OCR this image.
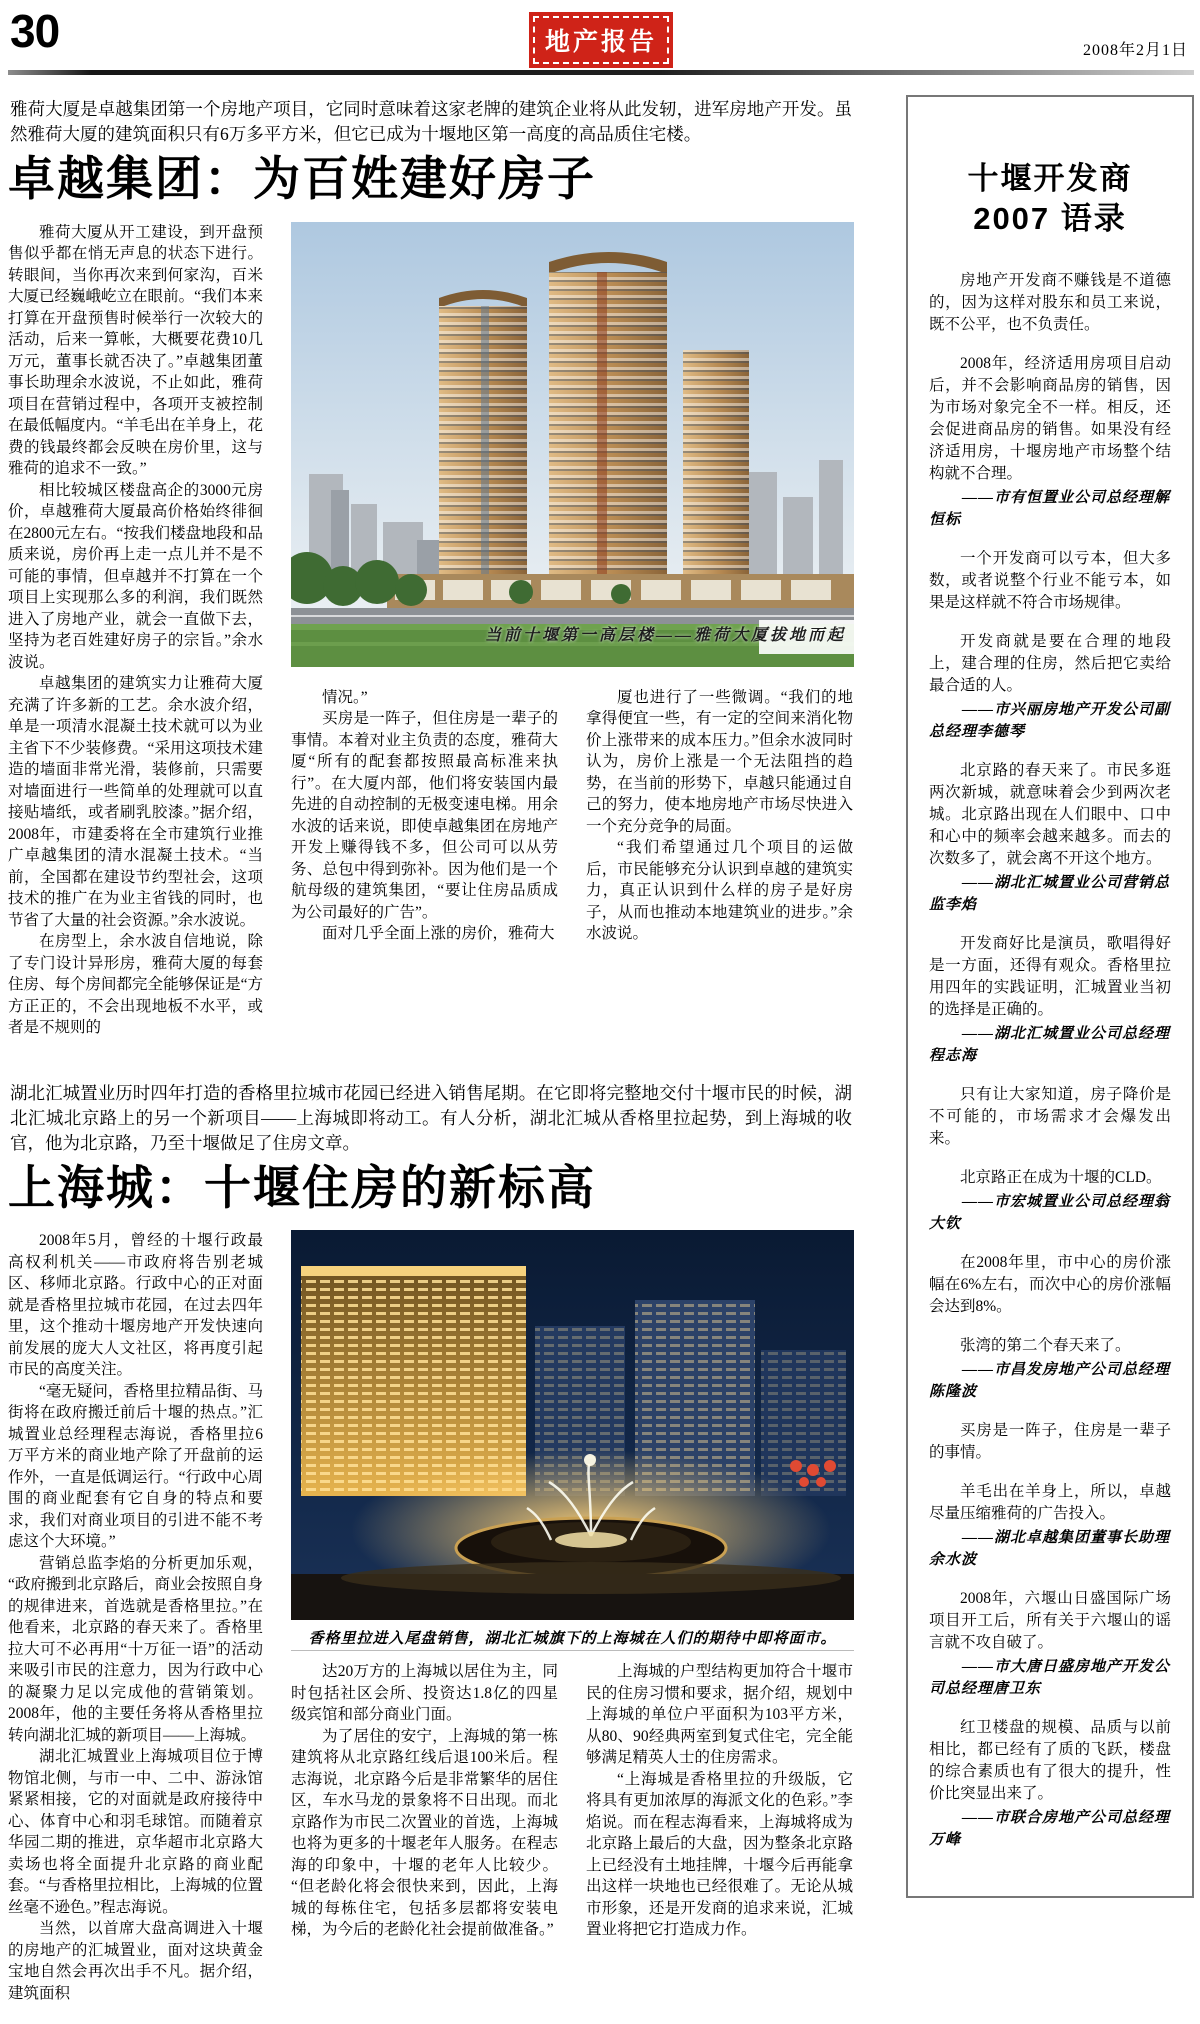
30	地产报告	2008年2月1日

雅荷大厦是卓越集团第一个房地产项目，它同时意味着这家老牌的建筑企业将从此发轫，进军房地产开发。虽然雅荷大厦的建筑面积只有6万多平方米，但它已成为十堰地区第一高度的高品质住宅楼。

卓越集团：为百姓建好房子

雅荷大厦从开工建设，到开盘预售似乎都在悄无声息的状态下进行。转眼间，当你再次来到何家沟，百米大厦已经巍峨屹立在眼前。“我们本来打算在开盘预售时候举行一次较大的活动，后来一算帐，大概要花费10几万元，董事长就否决了。”卓越集团董事长助理余水波说，不止如此，雅荷项目在营销过程中，各项开支被控制在最低幅度内。“羊毛出在羊身上，花费的钱最终都会反映在房价里，这与雅荷的追求不一致。”

相比较城区楼盘高企的3000元房价，卓越雅荷大厦最高价格始终徘徊在2800元左右。“按我们楼盘地段和品质来说，房价再上走一点儿并不是不可能的事情，但卓越并不打算在一个项目上实现那么多的利润，我们既然进入了房地产业，就会一直做下去，坚持为老百姓建好房子的宗旨。”余水波说。

卓越集团的建筑实力让雅荷大厦充满了许多新的工艺。余水波介绍，单是一项清水混凝土技术就可以为业主省下不少装修费。“采用这项技术建造的墙面非常光滑，装修前，只需要对墙面进行一些简单的处理就可以直接贴墙纸，或者刷乳胶漆。”据介绍，2008年，市建委将在全市建筑行业推广卓越集团的清水混凝土技术。“当前，全国都在建设节约型社会，这项技术的推广在为业主省钱的同时，也节省了大量的社会资源。”余水波说。

在房型上，余水波自信地说，除了专门设计异形房，雅荷大厦的每套住房、每个房间都完全能够保证是“方方正正的，不会出现地板不水平，或者是不规则的

当前十堰第一高层楼——雅荷大厦拔地而起

情况。”

买房是一阵子，但住房是一辈子的事情。本着对业主负责的态度，雅荷大厦“所有的配套都按照最高标准来执行”。在大厦内部，他们将安装国内最先进的自动控制的无极变速电梯。用余水波的话来说，即使卓越集团在房地产开发上赚得钱不多，但公司可以从劳务、总包中得到弥补。因为他们是一个航母级的建筑集团，“要让住房品质成为公司最好的广告”。

面对几乎全面上涨的房价，雅荷大

厦也进行了一些微调。“我们的地拿得便宜一些，有一定的空间来消化物价上涨带来的成本压力。”但余水波同时认为，房价上涨是一个无法阻挡的趋势，在当前的形势下，卓越只能通过自己的努力，使本地房地产市场尽快进入一个充分竞争的局面。

“我们希望通过几个项目的运做后，市民能够充分认识到卓越的建筑实力，真正认识到什么样的房子是好房子，从而也推动本地建筑业的进步。”余水波说。

湖北汇城置业历时四年打造的香格里拉城市花园已经进入销售尾期。在它即将完整地交付十堰市民的时候，湖北汇城北京路上的另一个新项目——上海城即将动工。有人分析，湖北汇城从香格里拉起势，到上海城的收官，他为北京路，乃至十堰做足了住房文章。

上海城：十堰住房的新标高

2008年5月，曾经的十堰行政最高权利机关——市政府将告别老城区、移师北京路。行政中心的正对面就是香格里拉城市花园，在过去四年里，这个推动十堰房地产开发快速向前发展的庞大人文社区，将再度引起市民的高度关注。

“毫无疑问，香格里拉精品街、马街将在政府搬迁前后十堰的热点。”汇城置业总经理程志海说，香格里拉6万平方米的商业地产除了开盘前的运作外，一直是低调运行。“行政中心周围的商业配套有它自身的特点和要求，我们对商业项目的引进不能不考虑这个大环境。”

营销总监李焰的分析更加乐观，“政府搬到北京路后，商业会按照自身的规律进来，首选就是香格里拉。”在他看来，北京路的春天来了。香格里拉大可不必再用“十万征一语”的活动来吸引市民的注意力，因为行政中心的凝聚力足以完成他的营销策划。2008年，他的主要任务将从香格里拉转向湖北汇城的新项目——上海城。

湖北汇城置业上海城项目位于博物馆北侧，与市一中、二中、游泳馆紧紧相接，它的对面就是政府接待中心、体育中心和羽毛球馆。而随着京华园二期的推进，京华超市北京路大卖场也将全面提升北京路的商业配套。“与香格里拉相比，上海城的位置丝毫不逊色。”程志海说。

当然，以首席大盘高调进入十堰的房地产的汇城置业，面对这块黄金宝地自然会再次出手不凡。据介绍，建筑面积

香格里拉进入尾盘销售，湖北汇城旗下的上海城在人们的期待中即将面市。

达20万方的上海城以居住为主，同时包括社区会所、投资达1.8亿的四星级宾馆和部分商业门面。

为了居住的安宁，上海城的第一栋建筑将从北京路红线后退100米后。程志海说，北京路今后是非常繁华的居住区，车水马龙的景象将不日出现。而北京路作为市民二次置业的首选，上海城也将为更多的十堰老年人服务。在程志海的印象中，十堰的老年人比较少。“但老龄化将会很快来到，因此，上海城的每栋住宅，包括多层都将安装电梯，为今后的老龄化社会提前做准备。”

上海城的户型结构更加符合十堰市民的住房习惯和要求，据介绍，规划中上海城的单位户平面积为103平方米，从80、90经典两室到复式住宅，完全能够满足精英人士的住房需求。

“上海城是香格里拉的升级版，它将具有更加浓厚的海派文化的色彩。”李焰说。而在程志海看来，上海城将成为北京路上最后的大盘，因为整条北京路上已经没有土地挂牌，十堰今后再能拿出这样一块地也已经很难了。无论从城市形象，还是开发商的追求来说，汇城置业将把它打造成力作。

十堰开发商
2007 语录

房地产开发商不赚钱是不道德的，因为这样对股东和员工来说，既不公平，也不负责任。

2008年，经济适用房项目启动后，并不会影响商品房的销售，因为市场对象完全不一样。相反，还会促进商品房的销售。如果没有经济适用房，十堰房地产市场整个结构就不合理。

——市有恒置业公司总经理解恒标

一个开发商可以亏本，但大多数，或者说整个行业不能亏本，如果是这样就不符合市场规律。

开发商就是要在合理的地段上，建合理的住房，然后把它卖给最合适的人。

——市兴丽房地产开发公司副总经理李德琴

北京路的春天来了。市民多逛两次新城，就意味着会少到两次老城。北京路出现在人们眼中、口中和心中的频率会越来越多。而去的次数多了，就会离不开这个地方。

——湖北汇城置业公司营销总监李焰

开发商好比是演员，歌唱得好是一方面，还得有观众。香格里拉用四年的实践证明，汇城置业当初的选择是正确的。

——湖北汇城置业公司总经理程志海

只有让大家知道，房子降价是不可能的，市场需求才会爆发出来。

北京路正在成为十堰的CLD。

——市宏城置业公司总经理翁大钦

在2008年里，市中心的房价涨幅在6%左右，而次中心的房价涨幅会达到8%。

张湾的第二个春天来了。

——市昌发房地产公司总经理陈隆波

买房是一阵子，住房是一辈子的事情。

羊毛出在羊身上，所以，卓越尽量压缩雅荷的广告投入。

——湖北卓越集团董事长助理余水波

2008年，六堰山日盛国际广场项目开工后，所有关于六堰山的谣言就不攻自破了。

——市大唐日盛房地产开发公司总经理唐卫东

红卫楼盘的规模、品质与以前相比，都已经有了质的飞跃，楼盘的综合素质也有了很大的提升，性价比突显出来了。

——市联合房地产公司总经理万峰
